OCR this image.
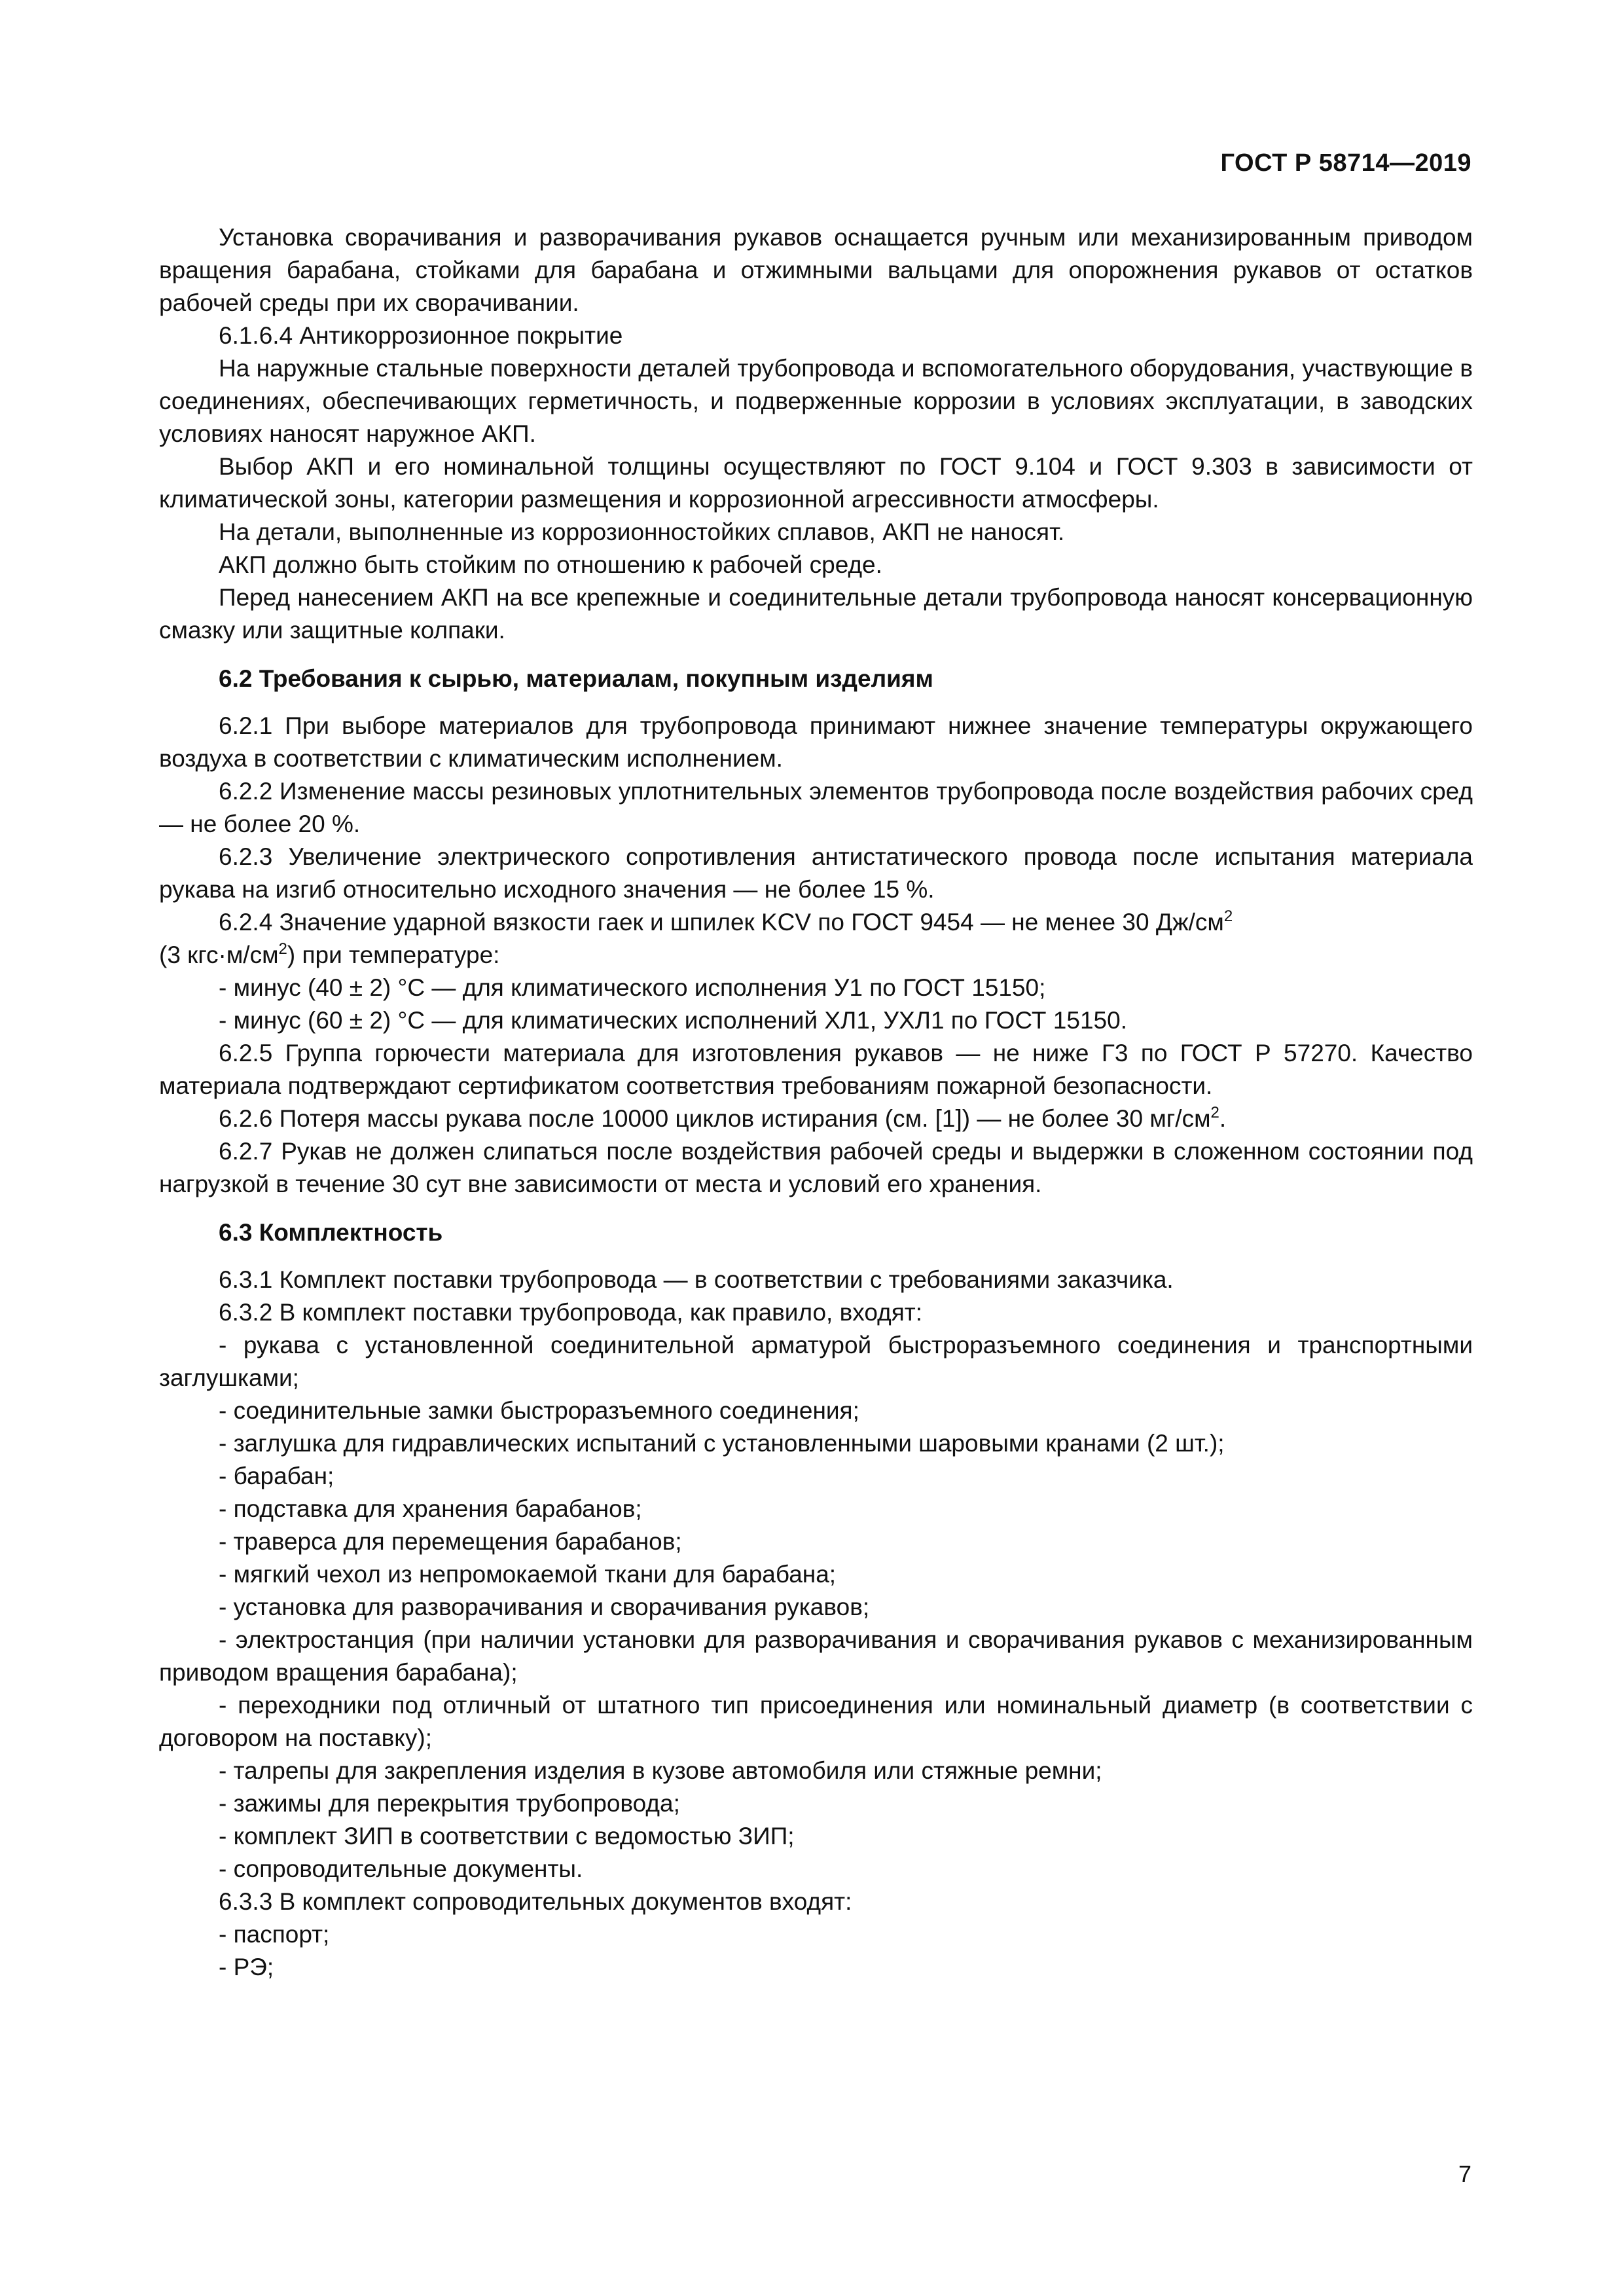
ГОСТ Р 58714—2019

Установка сворачивания и разворачивания рукавов оснащается ручным или механизированным приводом вращения барабана, стойками для барабана и отжимными вальцами для опорожнения рукавов от остатков рабочей среды при их сворачивании.

6.1.6.4 Антикоррозионное покрытие

На наружные стальные поверхности деталей трубопровода и вспомогательного оборудования, участвующие в соединениях, обеспечивающих герметичность, и подверженные коррозии в условиях эксплуатации, в заводских условиях наносят наружное АКП.

Выбор АКП и его номинальной толщины осуществляют по ГОСТ 9.104 и ГОСТ 9.303 в зависимости от климатической зоны, категории размещения и коррозионной агрессивности атмосферы.

На детали, выполненные из коррозионностойких сплавов, АКП не наносят.

АКП должно быть стойким по отношению к рабочей среде.

Перед нанесением АКП на все крепежные и соединительные детали трубопровода наносят консервационную смазку или защитные колпаки.

6.2 Требования к сырью, материалам, покупным изделиям

6.2.1 При выборе материалов для трубопровода принимают нижнее значение температуры окружающего воздуха в соответствии с климатическим исполнением.

6.2.2 Изменение массы резиновых уплотнительных элементов трубопровода после воздействия рабочих сред — не более 20 %.

6.2.3 Увеличение электрического сопротивления антистатического провода после испытания материала рукава на изгиб относительно исходного значения — не более 15 %.

6.2.4 Значение ударной вязкости гаек и шпилек KCV по ГОСТ 9454 — не менее 30 $Дж/см^2$
(3 $кгс\cdot м/см^2$) при температуре:

- минус (40 ± 2) °С — для климатического исполнения У1 по ГОСТ 15150;

- минус (60 ± 2) °С — для климатических исполнений ХЛ1, УХЛ1 по ГОСТ 15150.

6.2.5 Группа горючести материала для изготовления рукавов — не ниже Г3 по ГОСТ Р 57270. Качество материала подтверждают сертификатом соответствия требованиям пожарной безопасности.

6.2.6 Потеря массы рукава после 10000 циклов истирания (см. [1]) — не более 30 $мг/см^2$.

6.2.7 Рукав не должен слипаться после воздействия рабочей среды и выдержки в сложенном состоянии под нагрузкой в течение 30 сут вне зависимости от места и условий его хранения.

6.3 Комплектность

6.3.1 Комплект поставки трубопровода — в соответствии с требованиями заказчика.

6.3.2 В комплект поставки трубопровода, как правило, входят:

- рукава с установленной соединительной арматурой быстроразъемного соединения и транспортными заглушками;

- соединительные замки быстроразъемного соединения;

- заглушка для гидравлических испытаний с установленными шаровыми кранами (2 шт.);

- барабан;

- подставка для хранения барабанов;

- траверса для перемещения барабанов;

- мягкий чехол из непромокаемой ткани для барабана;

- установка для разворачивания и сворачивания рукавов;

- электростанция (при наличии установки для разворачивания и сворачивания рукавов с механизированным приводом вращения барабана);

- переходники под отличный от штатного тип присоединения или номинальный диаметр (в соответствии с договором на поставку);

- талрепы для закрепления изделия в кузове автомобиля или стяжные ремни;

- зажимы для перекрытия трубопровода;

- комплект ЗИП в соответствии с ведомостью ЗИП;

- сопроводительные документы.

6.3.3 В комплект сопроводительных документов входят:

- паспорт;

- РЭ;

7
